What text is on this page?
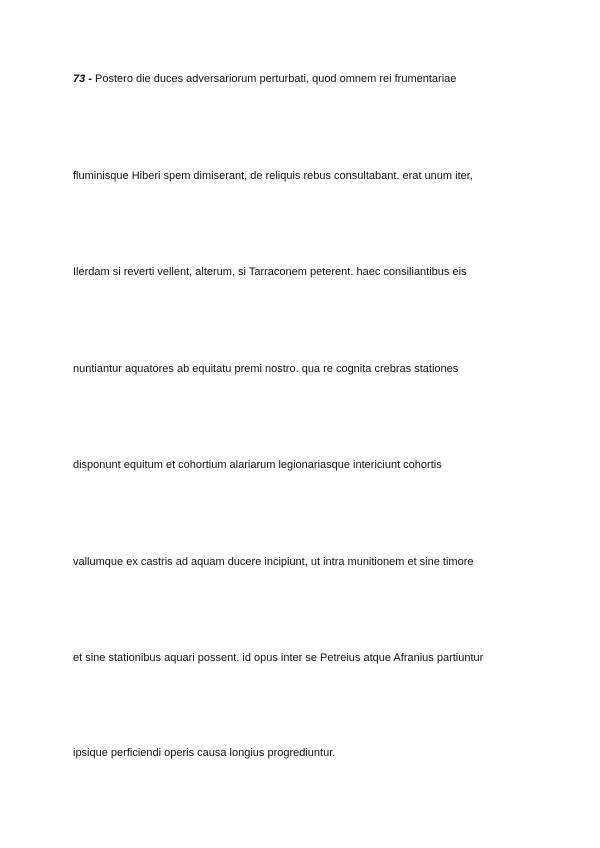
73 - Postero die duces adversariorum perturbati, quod omnem rei frumentariae
fluminisque Hiberi spem dimiserant, de reliquis rebus consultabant. erat unum iter,
Ilerdam si reverti vellent, alterum, si Tarraconem peterent. haec consiliantibus eis
nuntiantur aquatores ab equitatu premi nostro. qua re cognita crebras stationes
disponunt equitum et cohortium alariarum legionariasque intericiunt cohortis
vallumque ex castris ad aquam ducere incipiunt, ut intra munitionem et sine timore
et sine stationibus aquari possent. id opus inter se Petreius atque Afranius partiuntur
ipsique perficiendi operis causa longius progrediuntur.
